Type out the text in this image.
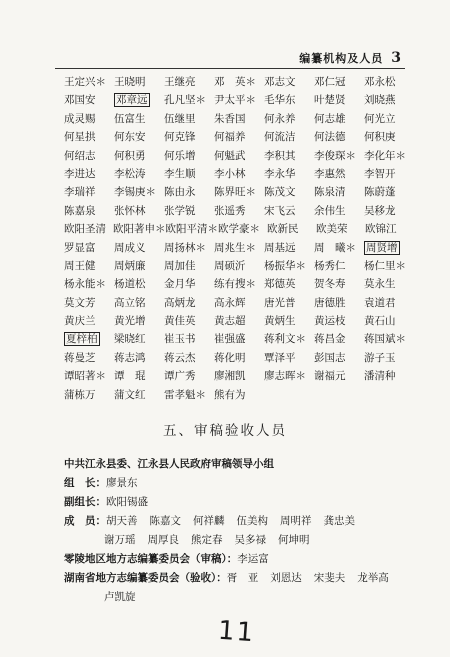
编纂机构及人员 3
王定兴＊ 王晓明	王继亮	邓　英＊ 邓志文	邓仁冠	邓永松
邓国安	邓章远	孔凡坚＊ 尹太平＊ 毛华东	叶楚贤	刘晓燕
成灵赐	伍富生	伍继里	朱香国	何永养	何志雄	何光立
何星拱	何东安	何克锋	何福养	何流洁	何法德	何积庚
何绍志	何积勇	何乐增	何魁武	李积其	李俊琛＊ 李化年＊
李进达	李松涛	李生顺	李小林	李永华	李惠然	李智开
李瑞祥	李锡庚＊ 陈由永	陈界旺＊ 陈茂文	陈泉清	陈蔚蓬
陈嘉泉	张怀林	张学锐	张遥秀	宋飞云	余伟生	吴移龙
欧阳圣清 欧阳著申＊ 欧阳平清＊ 欧学豪＊ 欧新民	欧美荣	欧锦江
罗显富	周成义	周扬林＊ 周兆生＊ 周基远	周　曦＊ 周贤增
周王健	周炳廉	周加佳	周硕沂	杨振华＊ 杨秀仁	杨仁里＊
杨永能＊ 杨道松	金月华	练有搜＊ 郑德英	贺冬寿	莫永生
莫文芳	高立铭	高炳龙	高永辉	唐光普	唐德胜	袁道君
黄庆兰	黄光增	黄佳英	黄志超	黄炳生	黄运枝	黄石山
夏梓柏	梁晓红	崔玉书	崔强盛	蒋利文＊ 蒋昌金	蒋国斌＊
蒋曼芝	蒋志鸿	蒋云杰	蒋化明	覃泽平	彭国志	游子玉
谭昭著＊ 谭　琨	谭广秀	廖湘凯	廖志晖＊ 谢福元	潘清种
蒲栋万	蒲文红	雷孝魁＊ 熊有为
五、审稿验收人员
中共江永县委、江永县人民政府审稿领导小组
组　长：廖景东
副组长：欧阳锡盛
成　员：胡天善 陈嘉文 何祥麟 伍美构 周明祥 龚忠美
谢万瑶 周厚良 熊定春 吴多禄 何坤明
零陵地区地方志编纂委员会（审稿）：李运富
湖南省地方志编纂委员会（验收）：胥　亚 刘恩达 宋斐夫 龙举高
卢凯旋
11
